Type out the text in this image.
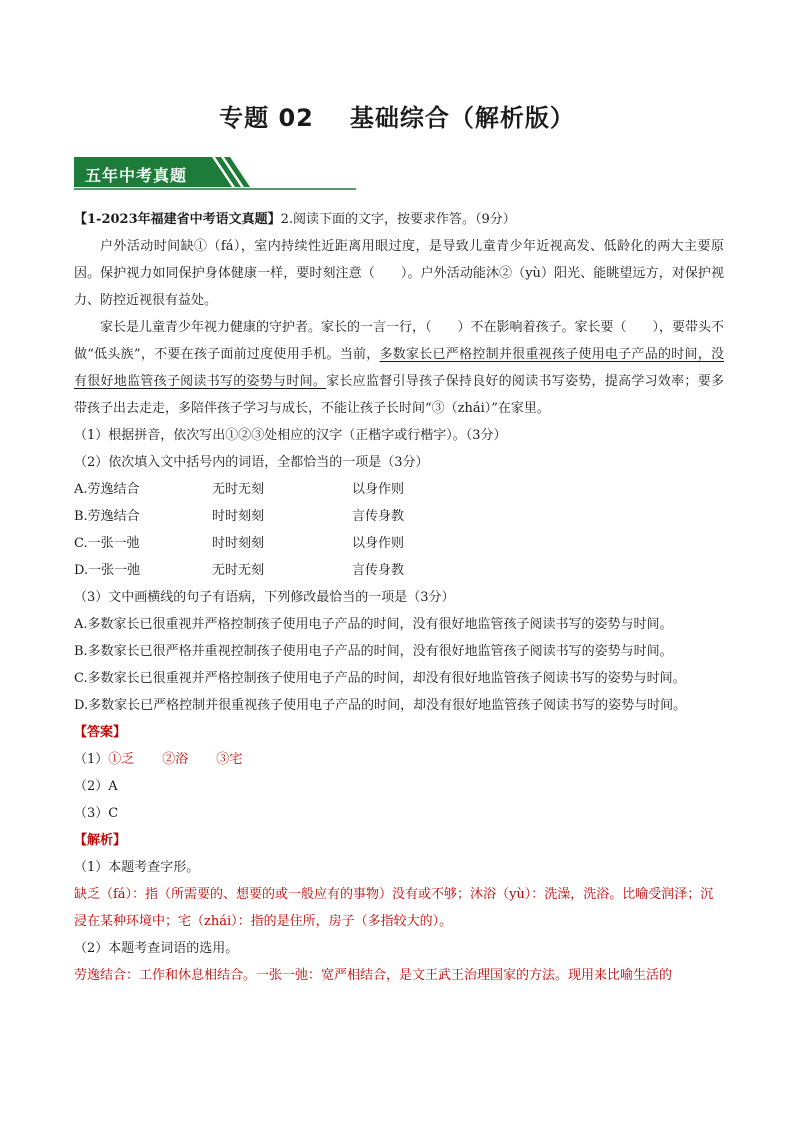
专题 02 基础综合（解析版）
五年中考真题
【1-2023年福建省中考语文真题】2.阅读下面的文字，按要求作答。（9分）
户外活动时间缺①（fá），室内持续性近距离用眼过度，是导致儿童青少年近视高发、低龄化的两大主要原因。保护视力如同保护身体健康一样，要时刻注意（　　）。户外活动能沐②（yù）阳光、能眺望远方，对保护视力、防控近视很有益处。
家长是儿童青少年视力健康的守护者。家长的一言一行，（　　）不在影响着孩子。家长要（　　），要带头不做“低头族”，不要在孩子面前过度使用手机。当前，多数家长已严格控制并很重视孩子使用电子产品的时间，没有很好地监管孩子阅读书写的姿势与时间。家长应监督引导孩子保持良好的阅读书写姿势，提高学习效率；要多带孩子出去走走，多陪伴孩子学习与成长，不能让孩子长时间“③（zhái）”在家里。
（1）根据拼音，依次写出①②③处相应的汉字（正楷字或行楷字）。（3分）
（2）依次填入文中括号内的词语，全都恰当的一项是（3分）
A.劳逸结合	无时无刻	以身作则
B.劳逸结合	时时刻刻	言传身教
C.一张一弛	时时刻刻	以身作则
D.一张一弛	无时无刻	言传身教
（3）文中画横线的句子有语病，下列修改最恰当的一项是（3分）
A.多数家长已很重视并严格控制孩子使用电子产品的时间，没有很好地监管孩子阅读书写的姿势与时间。
B.多数家长已很严格并重视控制孩子使用电子产品的时间，没有很好地监管孩子阅读书写的姿势与时间。
C.多数家长已很重视并严格控制孩子使用电子产品的时间，却没有很好地监管孩子阅读书写的姿势与时间。
D.多数家长已严格控制并很重视孩子使用电子产品的时间，却没有很好地监管孩子阅读书写的姿势与时间。
【答案】
（1）①乏 ②浴 ③宅
（2）A
（3）C
【解析】
（1）本题考查字形。
缺乏（fá）：指（所需要的、想要的或一般应有的事物）没有或不够；沐浴（yù）：洗澡，洗浴。比喻受润泽；沉浸在某种环境中；宅（zhái）：指的是住所，房子（多指较大的）。
（2）本题考查词语的选用。
劳逸结合：工作和休息相结合。一张一弛：宽严相结合，是文王武王治理国家的方法。现用来比喻生活的
